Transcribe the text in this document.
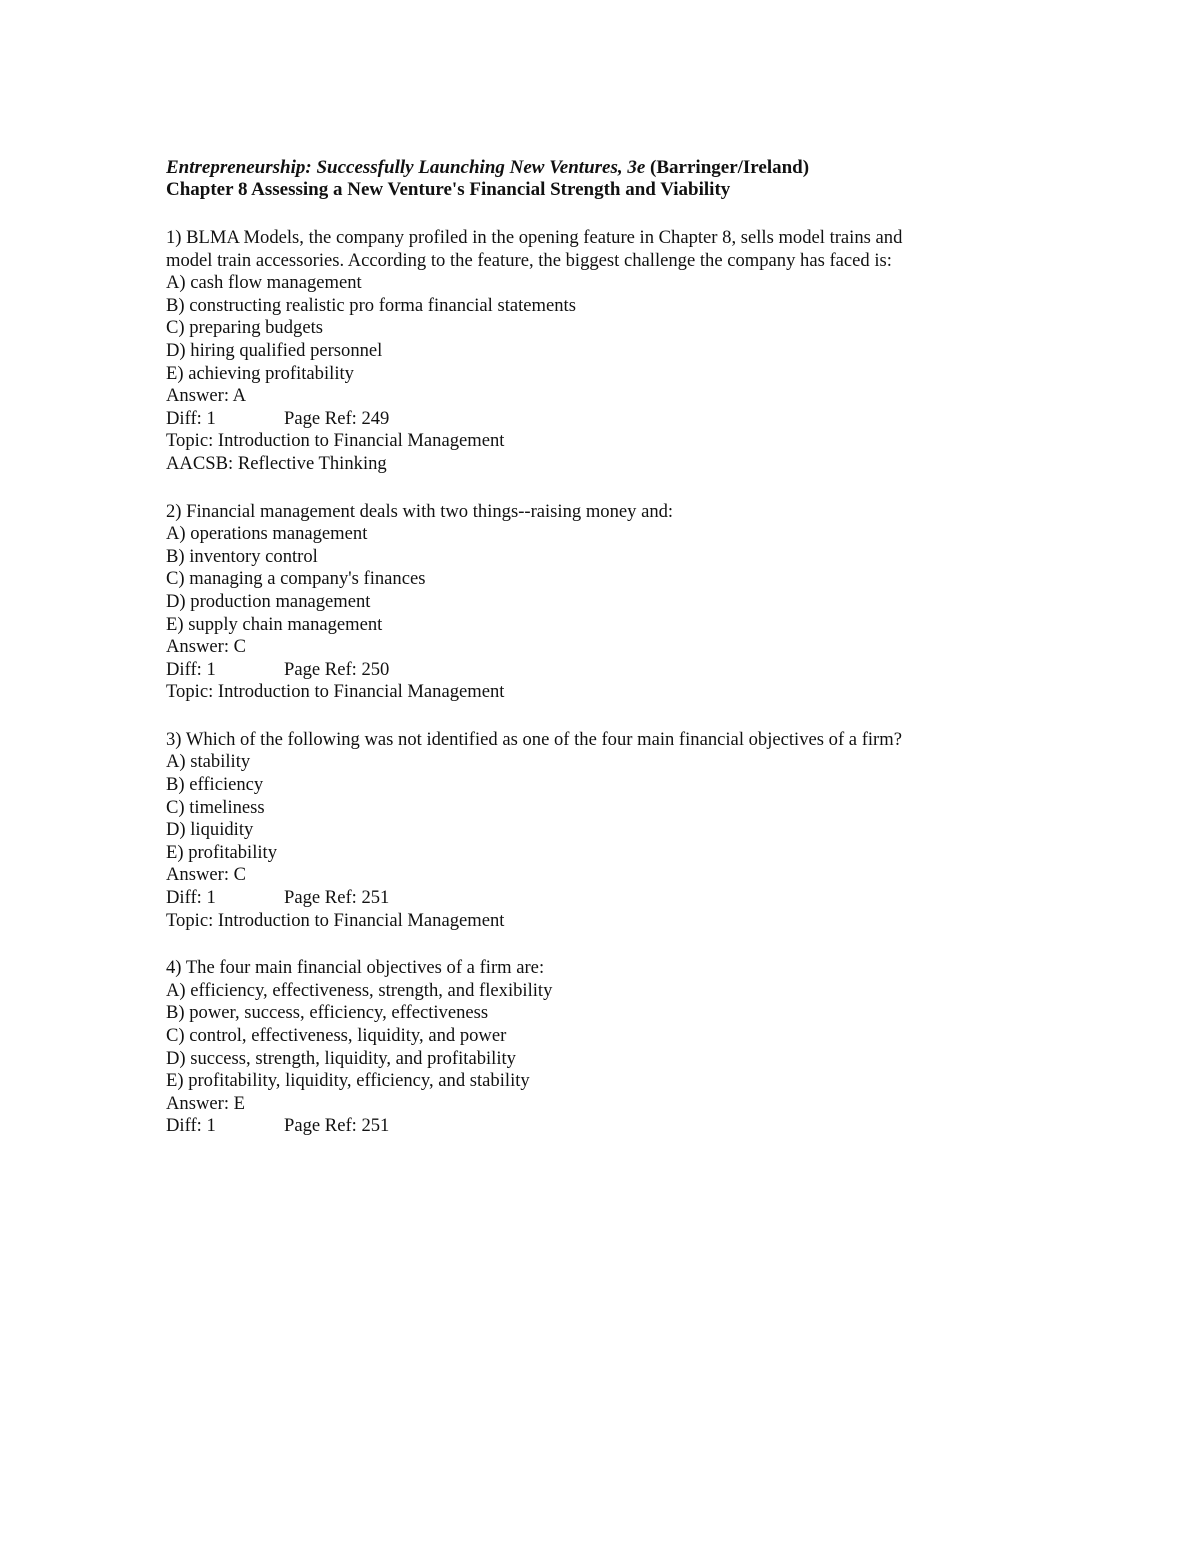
Entrepreneurship: Successfully Launching New Ventures, 3e (Barringer/Ireland)
Chapter 8 Assessing a New Venture's Financial Strength and Viability
1) BLMA Models, the company profiled in the opening feature in Chapter 8, sells model trains and model train accessories. According to the feature, the biggest challenge the company has faced is:
A) cash flow management
B) constructing realistic pro forma financial statements
C) preparing budgets
D) hiring qualified personnel
E) achieving profitability
Answer: A
Diff: 1	Page Ref: 249
Topic: Introduction to Financial Management
AACSB: Reflective Thinking
2) Financial management deals with two things--raising money and:
A) operations management
B) inventory control
C) managing a company's finances
D) production management
E) supply chain management
Answer: C
Diff: 1	Page Ref: 250
Topic: Introduction to Financial Management
3) Which of the following was not identified as one of the four main financial objectives of a firm?
A) stability
B) efficiency
C) timeliness
D) liquidity
E) profitability
Answer: C
Diff: 1	Page Ref: 251
Topic: Introduction to Financial Management
4) The four main financial objectives of a firm are:
A) efficiency, effectiveness, strength, and flexibility
B) power, success, efficiency, effectiveness
C) control, effectiveness, liquidity, and power
D) success, strength, liquidity, and profitability
E) profitability, liquidity, efficiency, and stability
Answer: E
Diff: 1	Page Ref: 251
